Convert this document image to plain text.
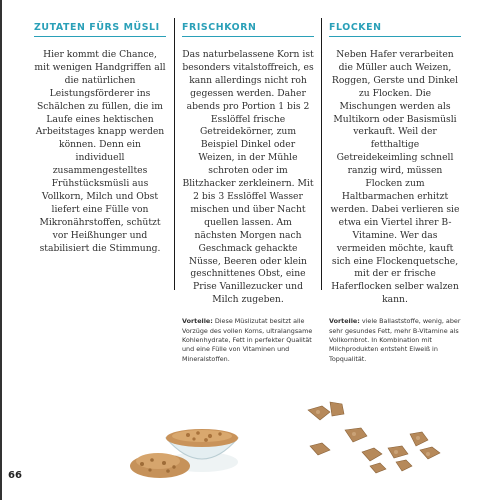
ZUTATEN FÜRS MÜSLI

Hier kommt die Chance, mit wenigen Handgriffen all die natürlichen Leistungsförderer ins Schälchen zu füllen, die im Laufe eines hektischen Arbeitstages knapp werden können. Denn ein individuell zusammengestelltes Frühstücksmüsli aus Vollkorn, Milch und Obst liefert eine Fülle von Mikronährstoffen, schützt vor Heißhunger und stabilisiert die Stimmung.

FRISCHKORN

Das naturbelassene Korn ist besonders vitalstoffreich, es kann allerdings nicht roh gegessen werden. Daher abends pro Portion 1 bis 2 Esslöffel frische Getreidekörner, zum Beispiel Dinkel oder Weizen, in der Mühle schroten oder im Blitzhacker zerkleinern. Mit 2 bis 3 Esslöffel Wasser mischen und über Nacht quellen lassen. Am nächsten Morgen nach Geschmack gehackte Nüsse, Beeren oder klein geschnittenes Obst, eine Prise Vanillezucker und Milch zugeben.

Vorteile: Diese Müslizutat besitzt alle Vorzüge des vollen Korns, ultralangsame Kohlenhydrate, Fett in perfekter Qualität und eine Fülle von Vitaminen und Mineralstoffen.

FLOCKEN

Neben Hafer verarbeiten die Müller auch Weizen, Roggen, Gerste und Dinkel zu Flocken. Die Mischungen werden als Multikorn oder Basismüsli verkauft. Weil der fetthaltige Getreidekeimling schnell ranzig wird, müssen Flocken zum Haltbarmachen erhitzt werden. Dabei verlieren sie etwa ein Viertel ihrer B-Vitamine. Wer das vermeiden möchte, kauft sich eine Flockenquetsche, mit der er frische Haferflocken selber walzen kann.

Vorteile: viele Ballaststoffe, wenig, aber sehr gesundes Fett, mehr B-Vitamine als Vollkornbrot. In Kombination mit Milchprodukten entsteht Eiweiß in Topqualität.

66
